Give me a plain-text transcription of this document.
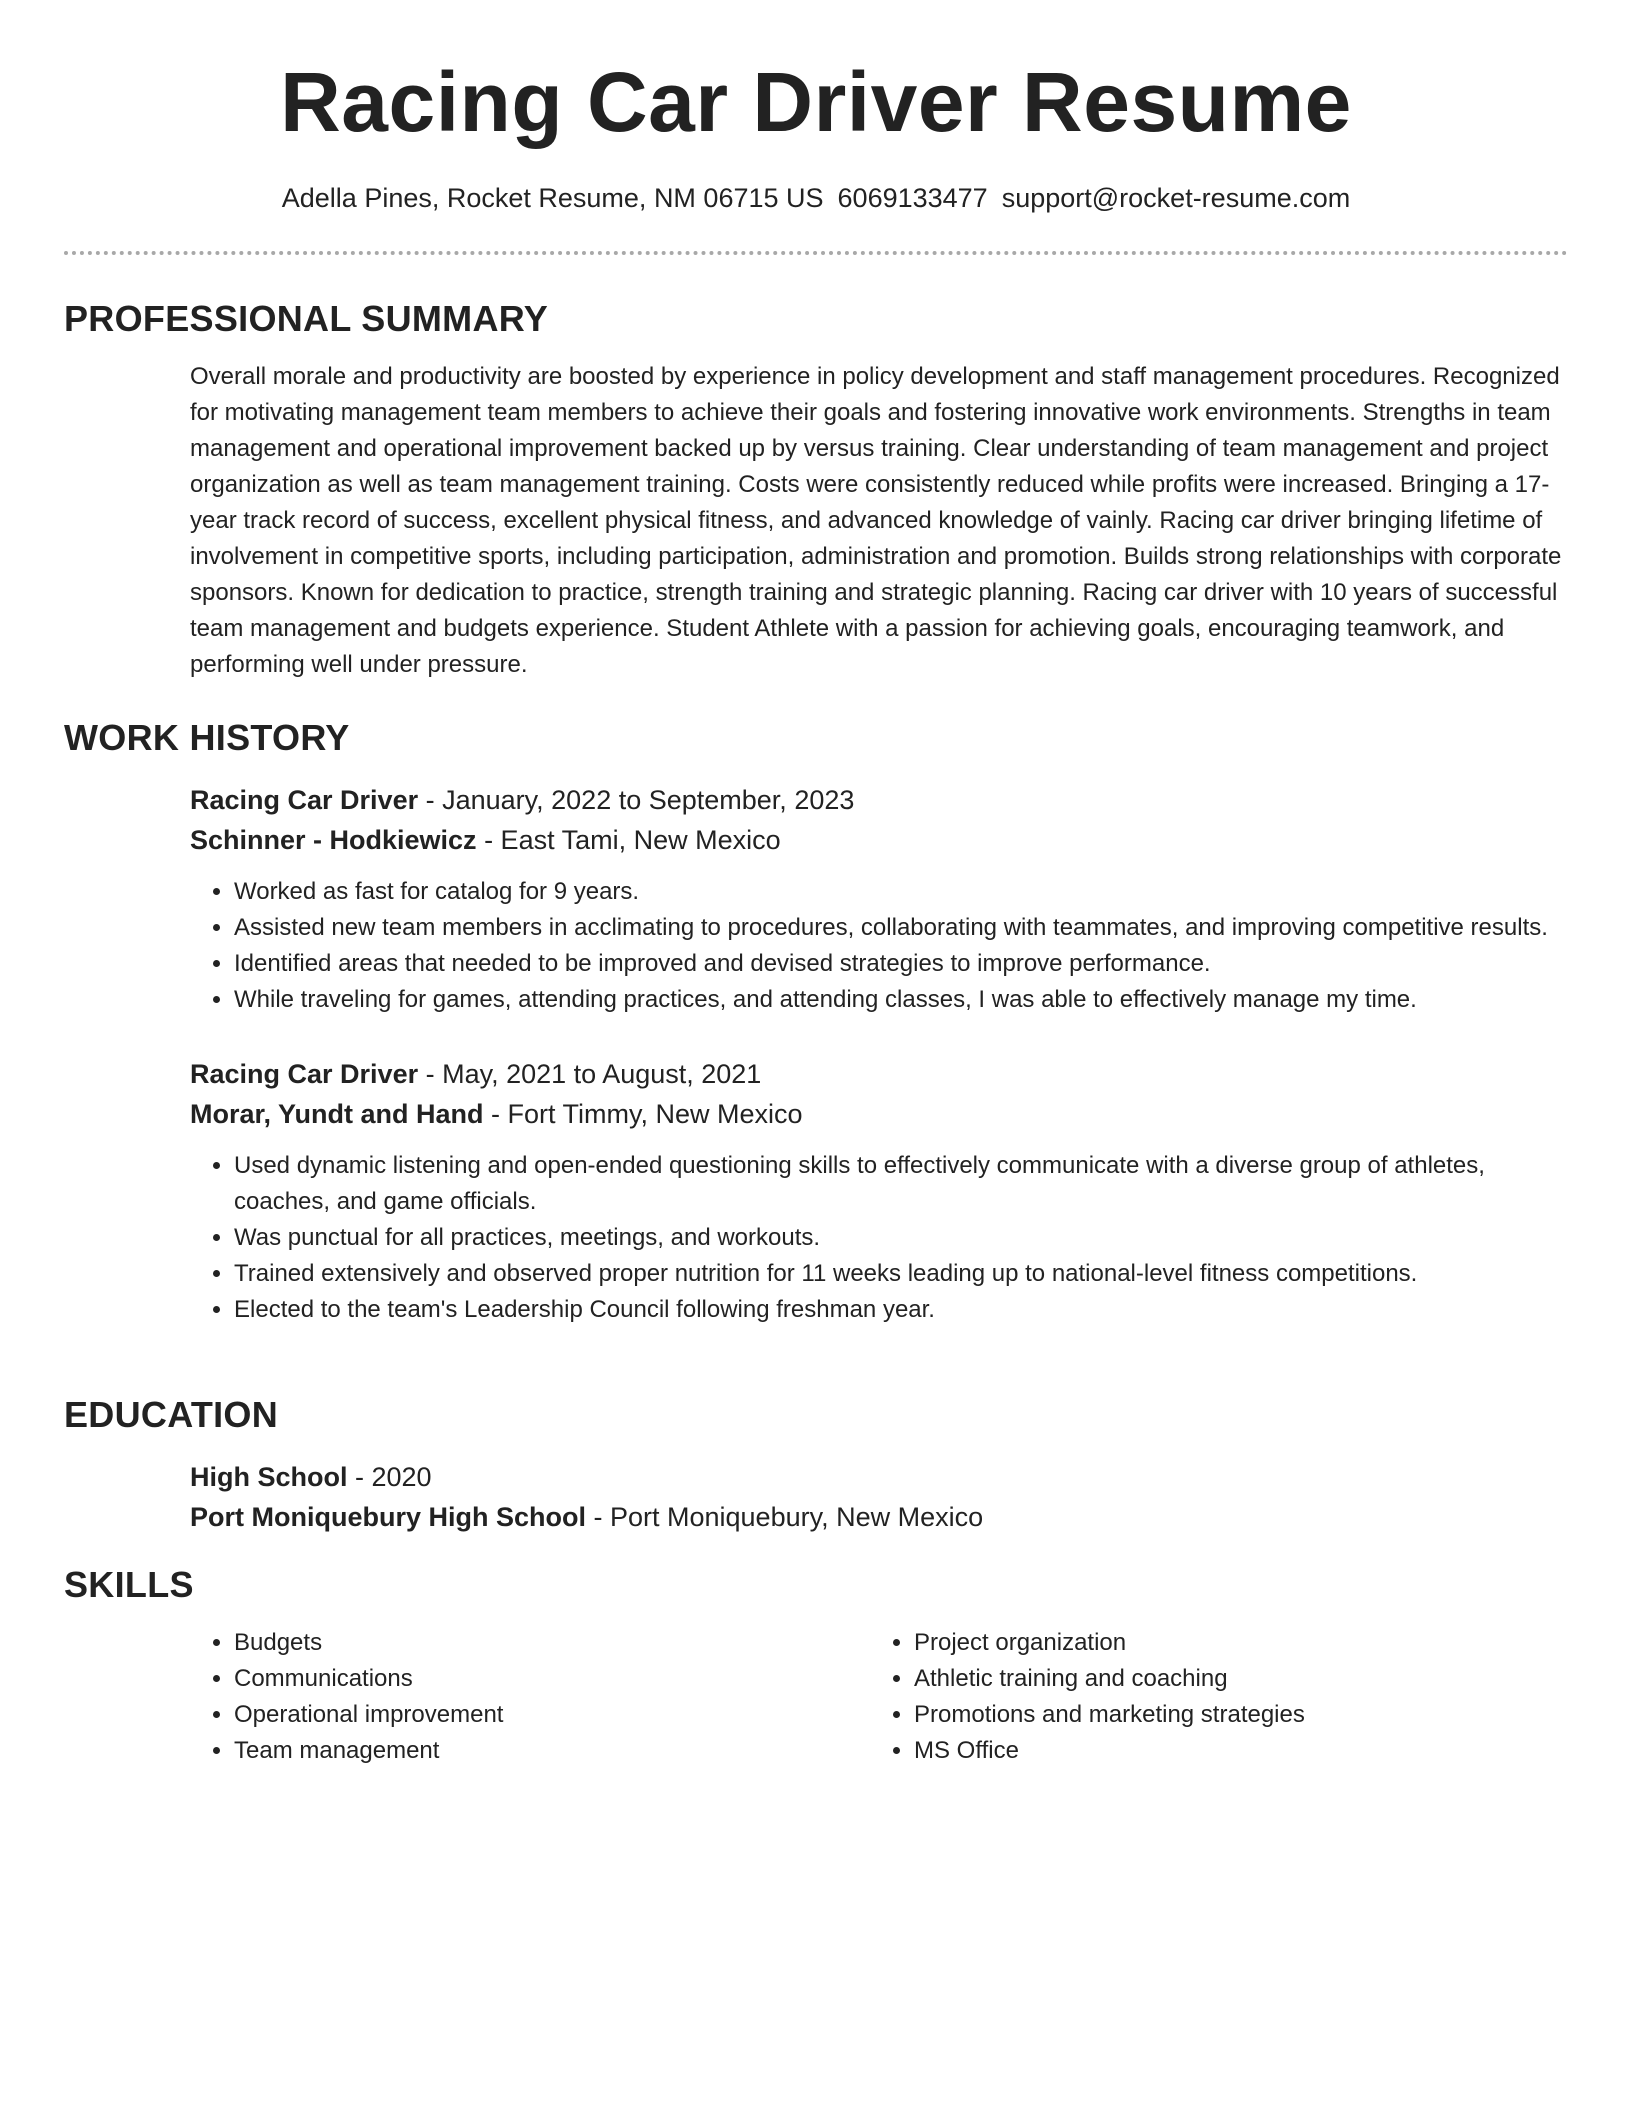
Racing Car Driver Resume
Adella Pines, Rocket Resume, NM 06715 US 6069133477 support@rocket-resume.com
PROFESSIONAL SUMMARY

Overall morale and productivity are boosted by experience in policy development and staff management procedures. Recognized for motivating management team members to achieve their goals and fostering innovative work environments. Strengths in team management and operational improvement backed up by versus training. Clear understanding of team management and project organization as well as team management training. Costs were consistently reduced while profits were increased. Bringing a 17-year track record of success, excellent physical fitness, and advanced knowledge of vainly. Racing car driver bringing lifetime of involvement in competitive sports, including participation, administration and promotion. Builds strong relationships with corporate sponsors. Known for dedication to practice, strength training and strategic planning. Racing car driver with 10 years of successful team management and budgets experience. Student Athlete with a passion for achieving goals, encouraging teamwork, and performing well under pressure.

WORK HISTORY
Racing Car Driver - January, 2022 to September, 2023
Schinner - Hodkiewicz - East Tami, New Mexico
• Worked as fast for catalog for 9 years.
• Assisted new team members in acclimating to procedures, collaborating with teammates, and improving competitive results.
• Identified areas that needed to be improved and devised strategies to improve performance.
• While traveling for games, attending practices, and attending classes, I was able to effectively manage my time.
Racing Car Driver - May, 2021 to August, 2021
Morar, Yundt and Hand - Fort Timmy, New Mexico
• Used dynamic listening and open-ended questioning skills to effectively communicate with a diverse group of athletes, coaches, and game officials.
• Was punctual for all practices, meetings, and workouts.
• Trained extensively and observed proper nutrition for 11 weeks leading up to national-level fitness competitions.
• Elected to the team's Leadership Council following freshman year.
EDUCATION
High School - 2020
Port Moniquebury High School - Port Moniquebury, New Mexico
SKILLS
• Budgets
• Communications
• Operational improvement
• Team management
• Project organization
• Athletic training and coaching
• Promotions and marketing strategies
• MS Office
